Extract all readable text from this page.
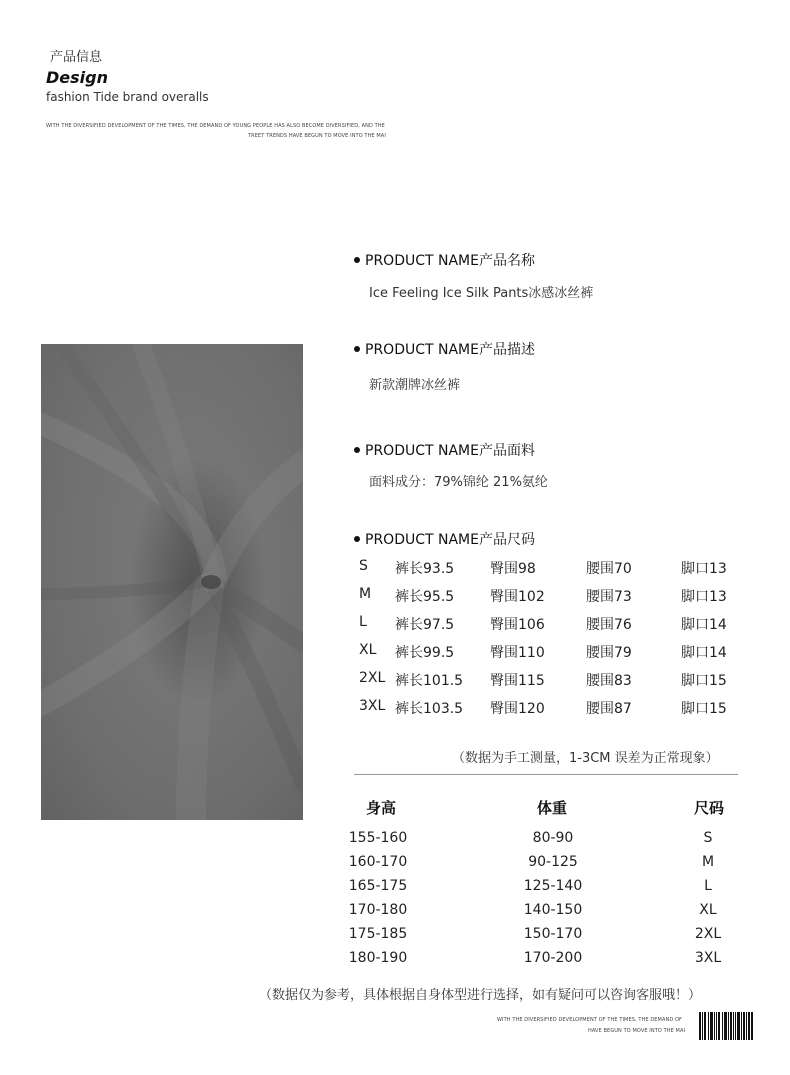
产品信息
Design
fashion Tide brand overalls
WITH THE DIVERSIFIED DEVELOPMENT OF THE TIMES, THE DEMAND OF YOUNG PEOPLE HAS ALSO BECOME DIVERSIFIED, AND THE
TREET TRENDS HAVE BEGUN TO MOVE INTO THE MAI
PRODUCT NAME产品名称
Ice Feeling Ice Silk Pants冰感冰丝裤
PRODUCT NAME产品描述
新款潮牌冰丝裤
PRODUCT NAME产品面料
面料成分：79%锦纶 21%氨纶
PRODUCT NAME产品尺码
S 裤长93.5	臀围98	腰围70	脚口13
M 裤长95.5	臀围102	腰围73	脚口13
L 裤长97.5	臀围106	腰围76	脚口14
XL 裤长99.5	臀围110	腰围79	脚口14
2XL 裤长101.5 臀围115	腰围83	脚口15
3XL 裤长103.5 臀围120	腰围87	脚口15
（数据为手工测量，1-3CM 误差为正常现象）
身高	体重	尺码
155-160	80-90	S
160-170	90-125	M
165-175	125-140	L
170-180	140-150	XL
175-185	150-170	2XL
180-190	170-200	3XL
（数据仅为参考，具体根据自身体型进行选择，如有疑问可以咨询客服哦！）
WITH THE DIVERSIFIED DEVELOPMENT OF THE TIMES, THE DEMAND OF
HAVE BEGUN TO MOVE INTO THE MAI
